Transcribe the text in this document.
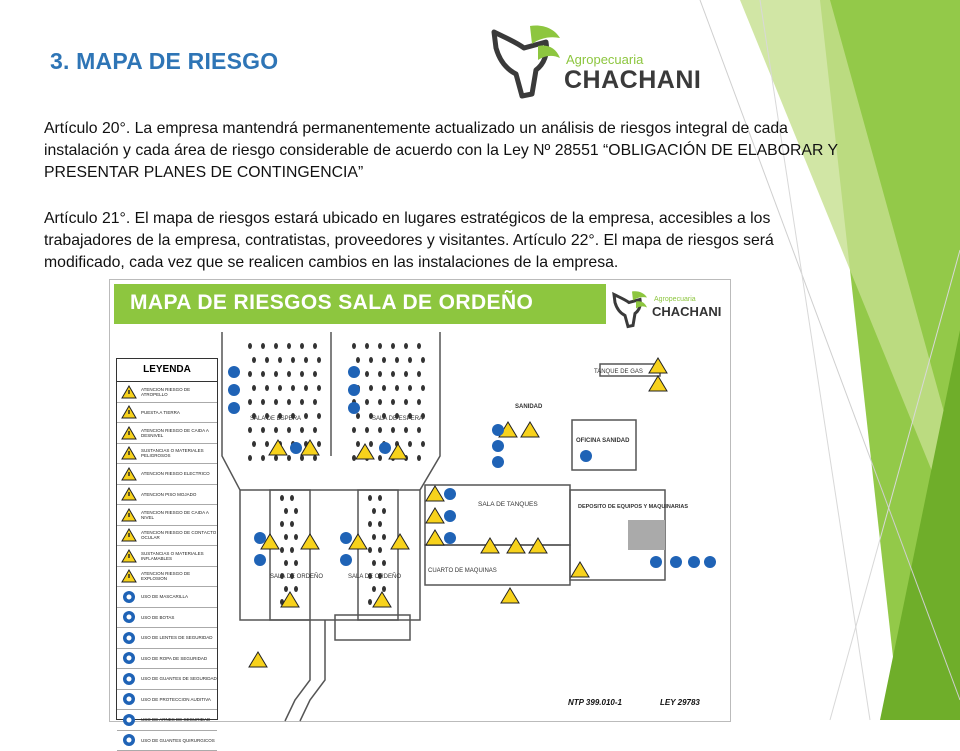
3. MAPA DE RIESGO	Agropecuaria
CHACHANI
Artículo 20°. La empresa mantendrá permanentemente actualizado un análisis de riesgos integral de cada instalación y cada área de riesgo considerable de acuerdo con la Ley Nº 28551 “OBLIGACIÓN DE ELABORAR Y PRESENTAR PLANES DE CONTINGENCIA”
Artículo 21°. El mapa de riesgos estará ubicado en lugares estratégicos de la empresa, accesibles a los trabajadores de la empresa, contratistas, proveedores y visitantes. Artículo 22°. El mapa de riesgos será modificado, cada vez que se realicen cambios en las instalaciones de la empresa.
MAPA DE RIESGOS SALA DE ORDEÑO	Agropecuaria
CHACHANI
LEYENDA
ATENCION RIESGO DE ATROPELLO
PUESTA A TIERRA
ATENCION RIESGO DE CAIDA A DESNIVEL
SUSTANCIAS O MATERIALES PELIGROSOS
ATENCION RIESGO ELECTRICO
ATENCION PISO MOJADO
ATENCION RIESGO DE CAIDA A NIVEL
ATENCION RIESGO DE CONTACTO OCULAR
SUSTANCIAS O MATERIALES INFLAMABLES
ATENCION RIESGO DE EXPLOSION
USO DE MASCARILLA
USO DE BOTAS
USO DE LENTES DE SEGURIDAD
USO DE ROPA DE SEGURIDAD
USO DE GUANTES DE SEGURIDAD
USO DE PROTECCION AUDITIVA
USO DE ARNES DE SEGURIDAD
USO DE GUANTES QUIRURGICOS
SALA DE ESPERA	SALA DE ESPERA
SALA DE ORDEÑO	SALA DE ORDEÑO
SALA DE TANQUES
CUARTO DE MAQUINAS
TANQUE DE GAS
SANIDAD
OFICINA SANIDAD
DEPOSITO DE EQUIPOS Y MAQUINARIAS
NTP 399.010-1	LEY 29783
